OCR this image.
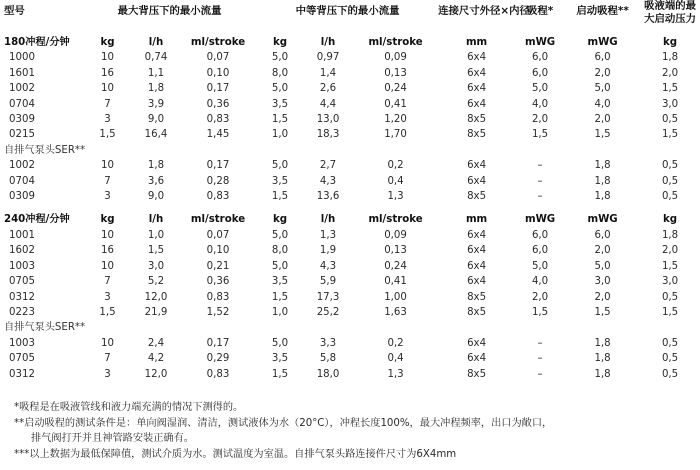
型号	最大背压下的最小流量			中等背压下的最小流量			连接尺寸外径×内径	吸程*	启动吸程**	吸液端的最大启动压力
180冲程/分钟	kg	l/h	ml/stroke	kg	l/h	ml/stroke	mm	mWG	mWG	kg
1000	10	0,74	0,07	5,0	0,97	0,09	6x4	6,0	6,0	1,8
1601	16	1,1	0,10	8,0	1,4	0,13	6x4	6,0	2,0	2,0
1002	10	1,8	0,17	5,0	2,6	0,24	6x4	5,0	5,0	1,5
0704	7	3,9	0,36	3,5	4,4	0,41	6x4	4,0	4,0	3,0
0309	3	9,0	0,83	1,5	13,0	1,20	8x5	2,0	2,0	0,5
0215	1,5	16,4	1,45	1,0	18,3	1,70	8x5	1,5	1,5	1,5
自排气泵头SER**										
1002	10	1,8	0,17	5,0	2,7	0,2	6x4	–	1,8	0,5
0704	7	3,6	0,28	3,5	4,3	0,4	6x4	–	1,8	0,5
0309	3	9,0	0,83	1,5	13,6	1,3	8x5	–	1,8	0,5

240冲程/分钟	kg	l/h	ml/stroke	kg	l/h	ml/stroke	mm	mWG	mWG	kg
1001	10	1,0	0,07	5,0	1,3	0,09	6x4	6,0	6,0	1,8
1602	16	1,5	0,10	8,0	1,9	0,13	6x4	6,0	2,0	2,0
1003	10	3,0	0,21	5,0	4,3	0,24	6x4	5,0	5,0	1,5
0705	7	5,2	0,36	3,5	5,9	0,41	6x4	4,0	3,0	3,0
0312	3	12,0	0,83	1,5	17,3	1,00	8x5	2,0	2,0	0,5
0223	1,5	21,9	1,52	1,0	25,2	1,63	8x5	1,5	1,5	1,5
自排气泵头SER**										
1003	10	2,4	0,17	5,0	3,3	0,2	6x4	–	1,8	0,5
0705	7	4,2	0,29	3,5	5,8	0,4	6x4	–	1,8	0,5
0312	3	12,0	0,83	1,5	18,0	1,3	8x5	–	1,8	0,5
*吸程是在吸液管线和液力端充满的情况下测得的。
**启动吸程的测试条件是：单向阀湿润、清洁，测试液体为水（20°C），冲程长度100%，最大冲程频率，出口为敞口，
排气阀打开并且神管路安装正确有。
***以上数据为最低保障值，测试介质为水。测试温度为室温。自排气泵头路连接件尺寸为6X4mm
